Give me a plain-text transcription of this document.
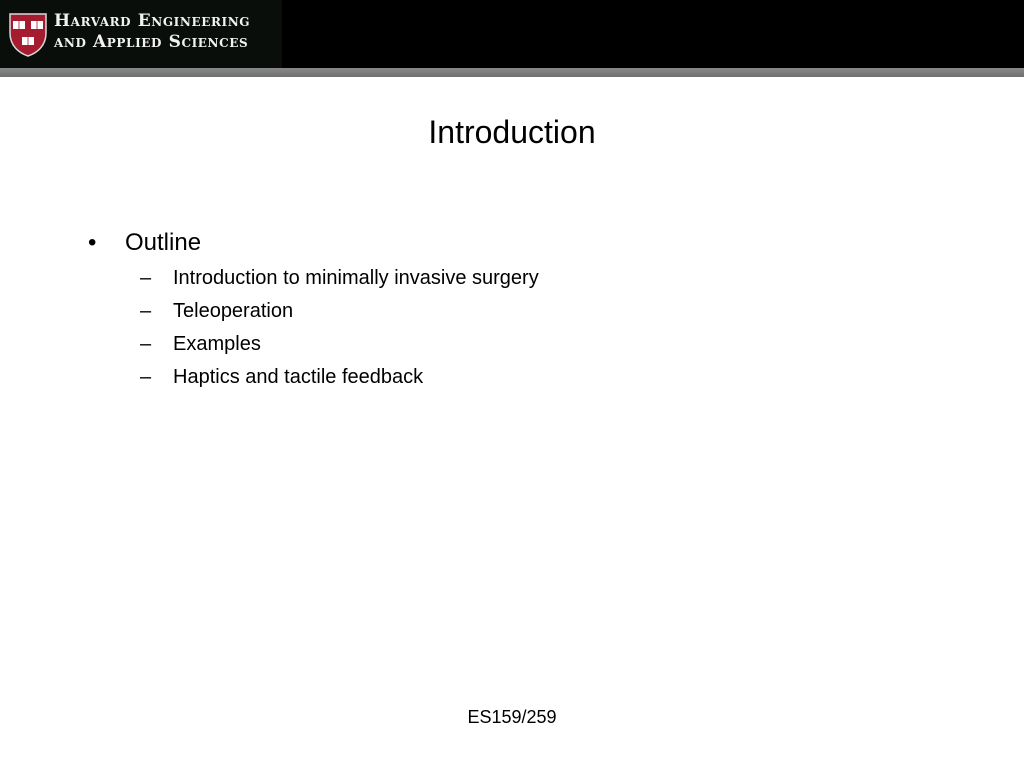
Harvard Engineering
and Applied Sciences
Introduction
• Outline
– Introduction to minimally invasive surgery
– Teleoperation
– Examples
– Haptics and tactile feedback
ES159/259
